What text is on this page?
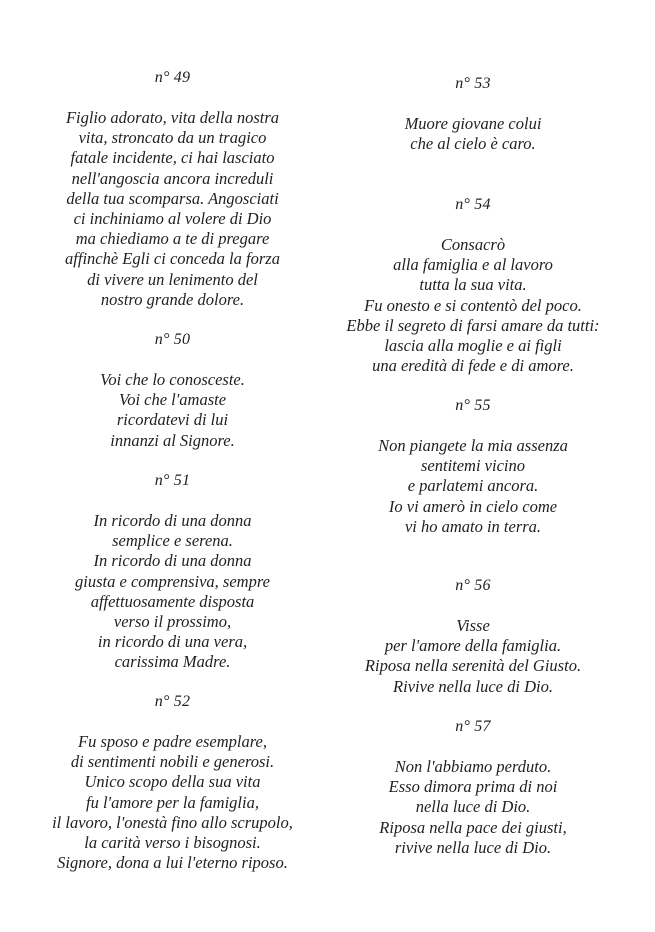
n° 49

Figlio adorato, vita della nostra
vita, stroncato da un tragico
fatale incidente, ci hai lasciato
nell'angoscia ancora increduli
della tua scomparsa. Angosciati
ci inchiniamo al volere di Dio
ma chiediamo a te di pregare
affinchè Egli ci conceda la forza
di vivere un lenimento del
nostro grande dolore.

n° 50

Voi che lo conosceste.
Voi che l'amaste
ricordatevi di lui
innanzi al Signore.

n° 51

In ricordo di una donna
semplice e serena.
In ricordo di una donna
giusta e comprensiva, sempre
affettuosamente disposta
verso il prossimo,
in ricordo di una vera,
carissima Madre.

n° 52

Fu sposo e padre esemplare,
di sentimenti nobili e generosi.
Unico scopo della sua vita
fu l'amore per la famiglia,
il lavoro, l'onestà fino allo scrupolo,
la carità verso i bisognosi.
Signore, dona a lui l'eterno riposo.

n° 53

Muore giovane colui
che al cielo è caro.

n° 54

Consacrò
alla famiglia e al lavoro
tutta la sua vita.
Fu onesto e si contentò del poco.
Ebbe il segreto di farsi amare da tutti:
lascia alla moglie e ai figli
una eredità di fede e di amore.

n° 55

Non piangete la mia assenza
sentitemi vicino
e parlatemi ancora.
Io vi amerò in cielo come
vi ho amato in terra.

n° 56

Visse
per l'amore della famiglia.
Riposa nella serenità del Giusto.
Rivive nella luce di Dio.

n° 57

Non l'abbiamo perduto.
Esso dimora prima di noi
nella luce di Dio.
Riposa nella pace dei giusti,
rivive nella luce di Dio.
